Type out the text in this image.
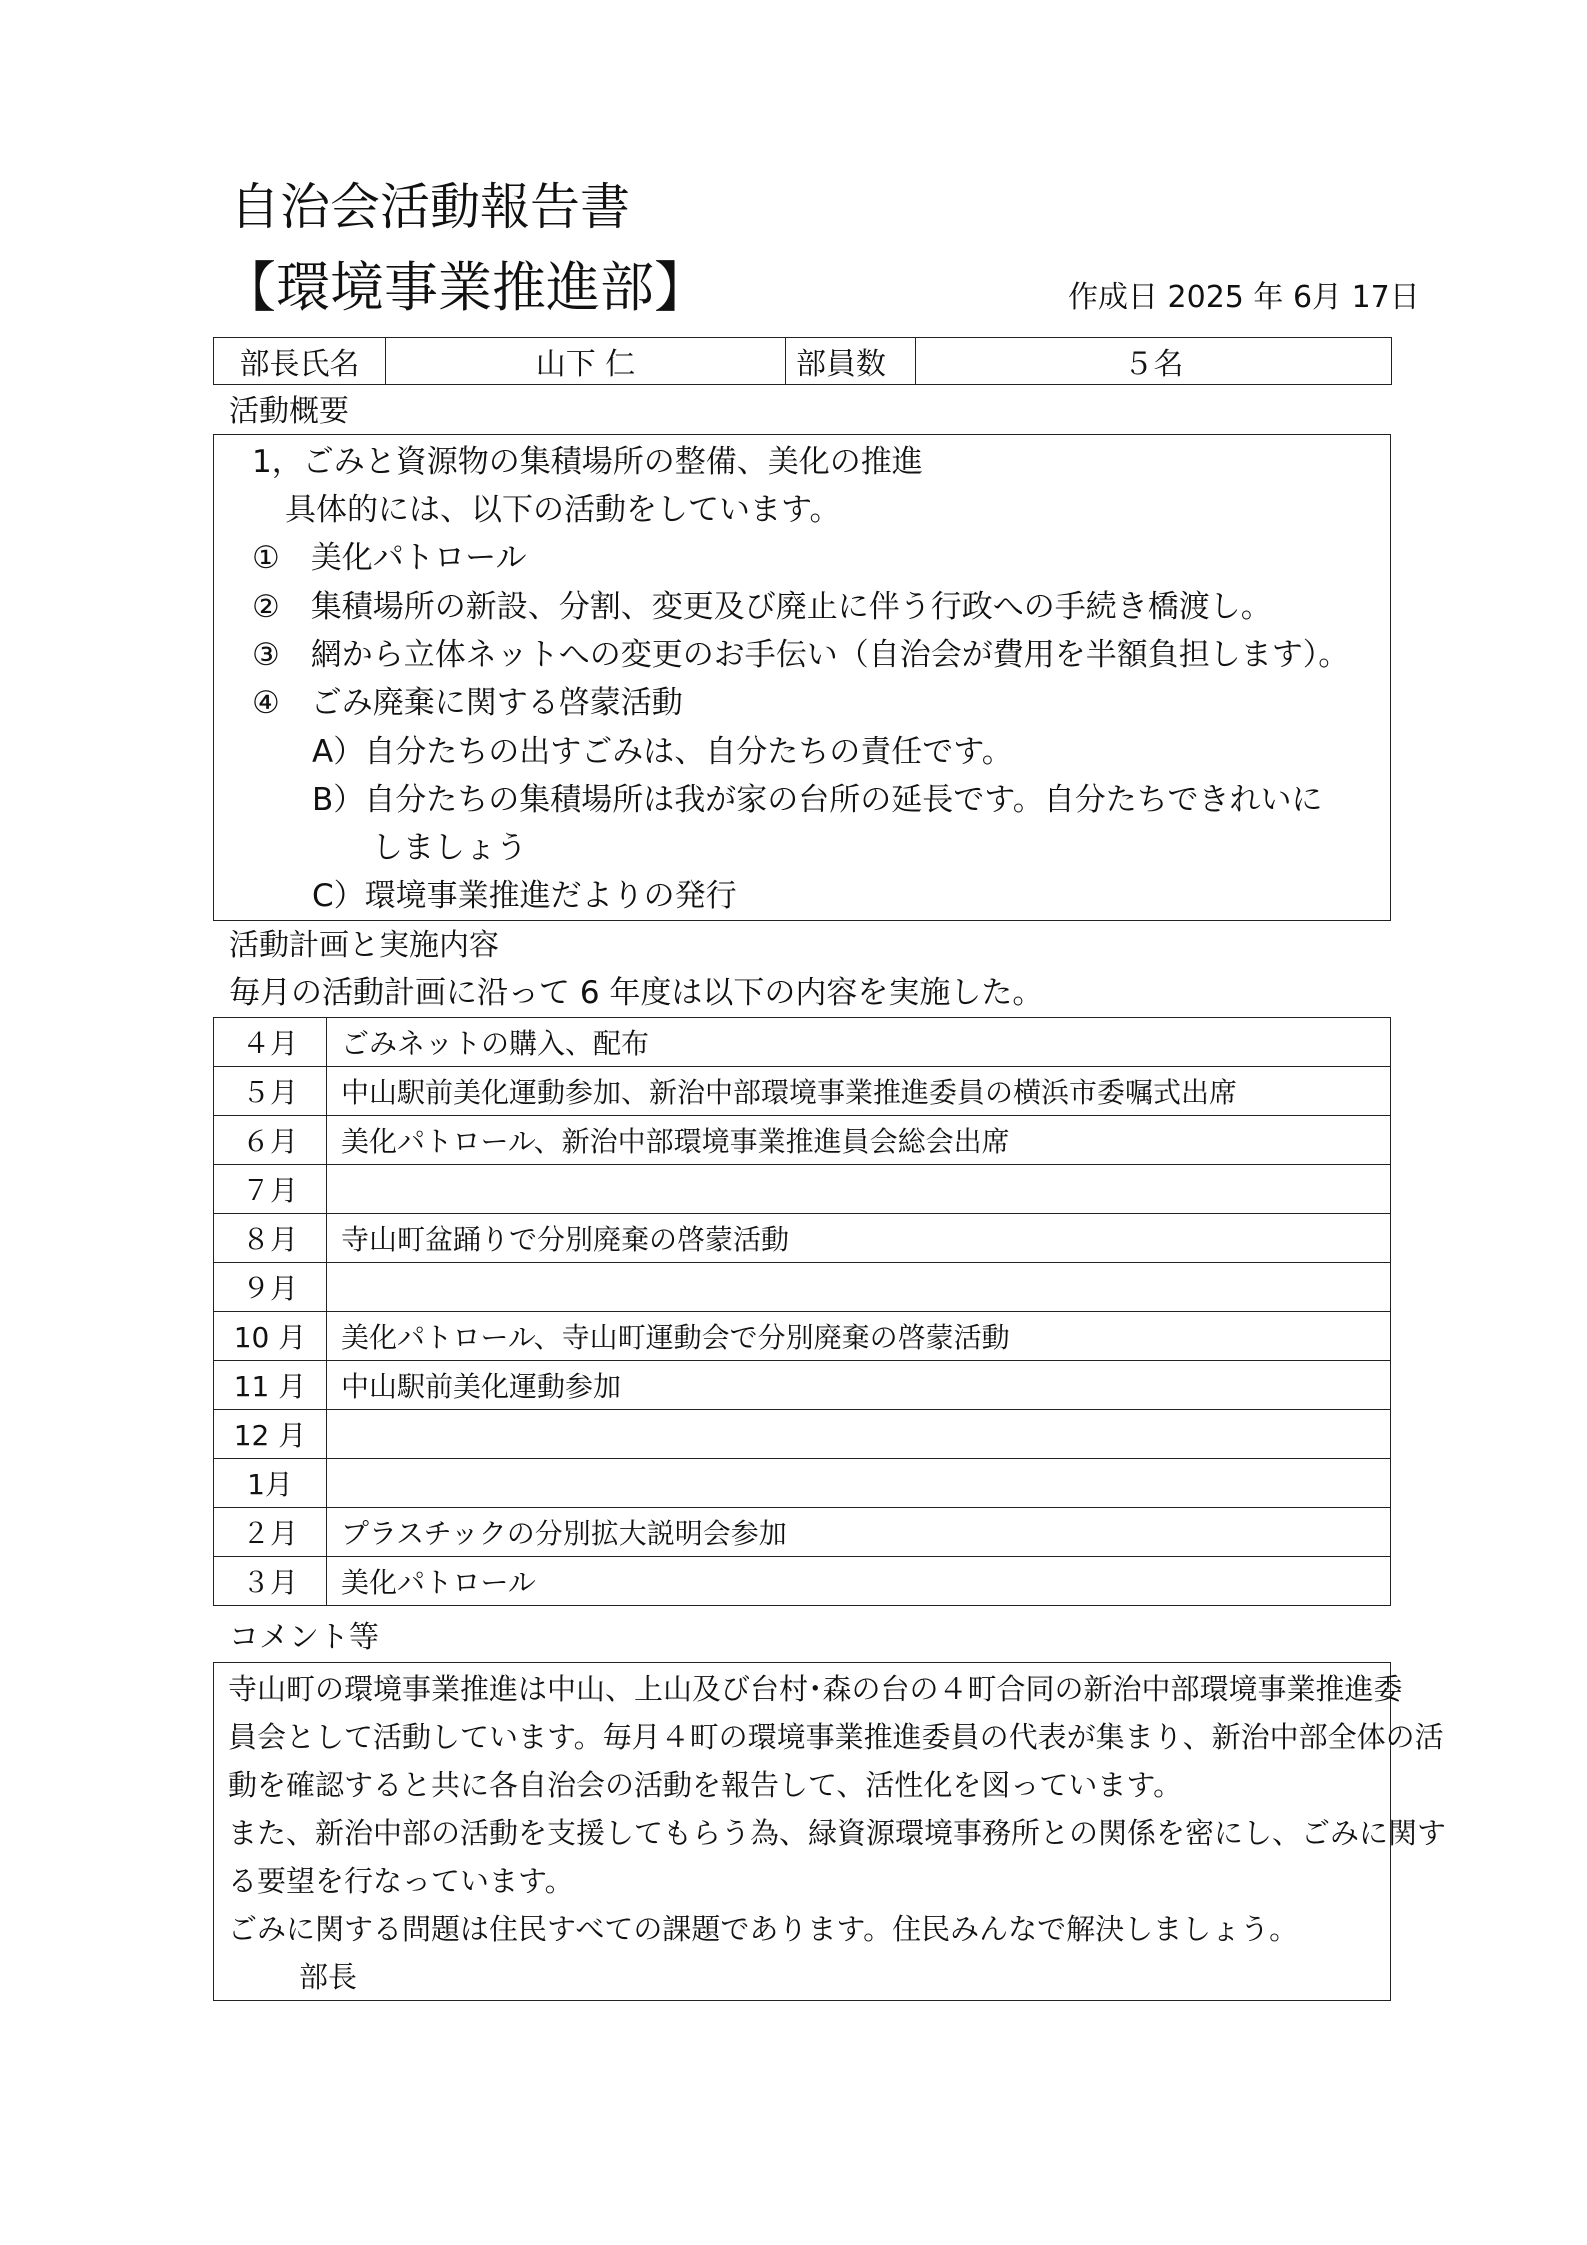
自治会活動報告書
【環境事業推進部】	作成日 2025 年 6月 17日
部長氏名	山下 仁	部員数	５名
活動概要
1，ごみと資源物の集積場所の整備、美化の推進
具体的には、以下の活動をしています。
①　美化パトロール
②　集積場所の新設、分割、変更及び廃止に伴う行政への手続き橋渡し。
③　網から立体ネットへの変更のお手伝い（自治会が費用を半額負担します）。
④　ごみ廃棄に関する啓蒙活動
A）自分たちの出すごみは、自分たちの責任です。
B）自分たちの集積場所は我が家の台所の延長です。自分たちできれいに
しましょう
C）環境事業推進だよりの発行
活動計画と実施内容
毎月の活動計画に沿って 6 年度は以下の内容を実施した。
４月	ごみネットの購入、配布
５月	中山駅前美化運動参加、新治中部環境事業推進委員の横浜市委嘱式出席
６月	美化パトロール、新治中部環境事業推進員会総会出席
７月	
８月	寺山町盆踊りで分別廃棄の啓蒙活動
９月	
10 月	美化パトロール、寺山町運動会で分別廃棄の啓蒙活動
11 月	中山駅前美化運動参加
12 月	
1月	
２月	プラスチックの分別拡大説明会参加
３月	美化パトロール
コメント等
寺山町の環境事業推進は中山、上山及び台村･森の台の４町合同の新治中部環境事業推進委
員会として活動しています。毎月４町の環境事業推進委員の代表が集まり、新治中部全体の活
動を確認すると共に各自治会の活動を報告して、活性化を図っています。
また、新治中部の活動を支援してもらう為、緑資源環境事務所との関係を密にし、ごみに関す
る要望を行なっています。
ごみに関する問題は住民すべての課題であります。住民みんなで解決しましょう。
部長
